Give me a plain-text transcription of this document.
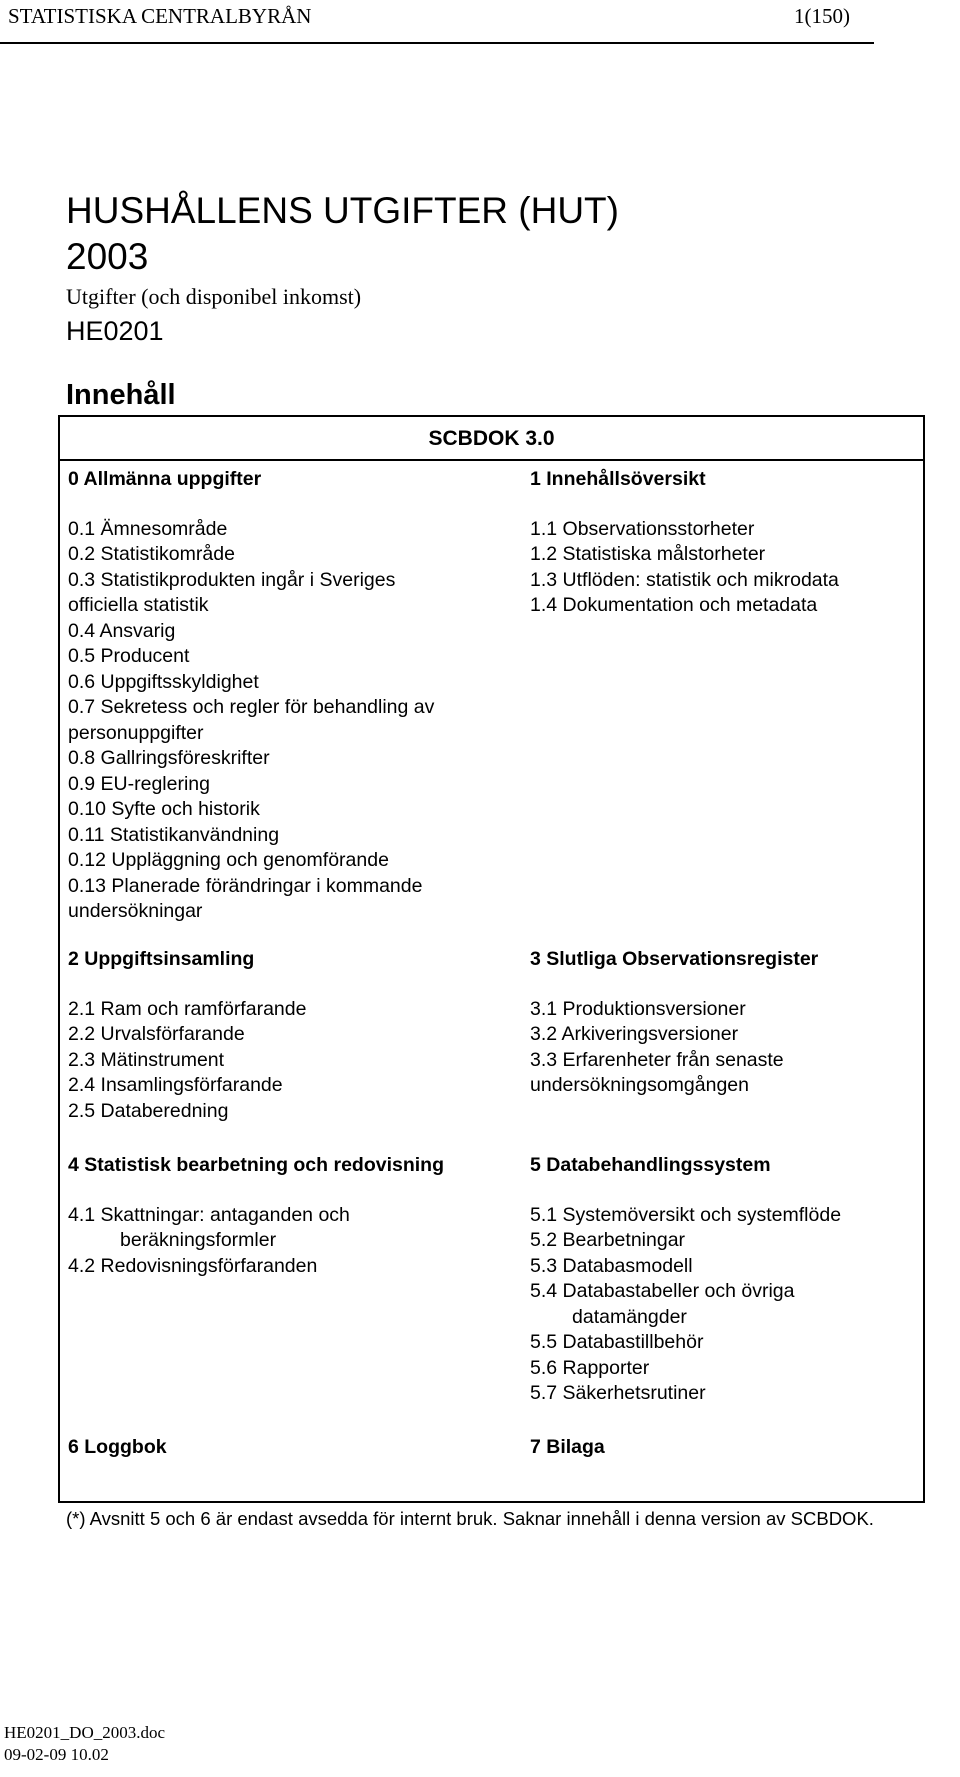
STATISTISKA CENTRALBYRÅN	1(150)
HUSHÅLLENS UTGIFTER (HUT)
2003
Utgifter (och disponibel inkomst)
HE0201
Innehåll
SCBDOK 3.0

0 Allmänna uppgifter

0.1 Ämnesområde

0.2 Statistikområde

0.3 Statistikprodukten ingår i Sveriges

officiella statistik

0.4 Ansvarig

0.5 Producent

0.6 Uppgiftsskyldighet

0.7 Sekretess och regler för behandling av

personuppgifter

0.8 Gallringsföreskrifter

0.9 EU-reglering

0.10 Syfte och historik

0.11 Statistikanvändning

0.12 Uppläggning och genomförande

0.13 Planerade förändringar i kommande

undersökningar

1 Innehållsöversikt

1.1 Observationsstorheter

1.2 Statistiska målstorheter

1.3 Utflöden: statistik och mikrodata

1.4 Dokumentation och metadata

2 Uppgiftsinsamling

2.1 Ram och ramförfarande

2.2 Urvalsförfarande

2.3 Mätinstrument

2.4 Insamlingsförfarande

2.5 Databeredning

3 Slutliga Observationsregister

3.1 Produktionsversioner

3.2 Arkiveringsversioner

3.3 Erfarenheter från senaste

undersökningsomgången

4 Statistisk bearbetning och redovisning

4.1 Skattningar: antaganden och

beräkningsformler

4.2 Redovisningsförfaranden

5 Databehandlingssystem

5.1 Systemöversikt och systemflöde

5.2 Bearbetningar

5.3 Databasmodell

5.4 Databastabeller och övriga

datamängder

5.5 Databastillbehör

5.6 Rapporter

5.7 Säkerhetsrutiner

6 Loggbok	7 Bilaga

(*) Avsnitt 5 och 6 är endast avsedda för internt bruk. Saknar innehåll i denna version av SCBDOK.
HE0201_DO_2003.doc
09-02-09 10.02
